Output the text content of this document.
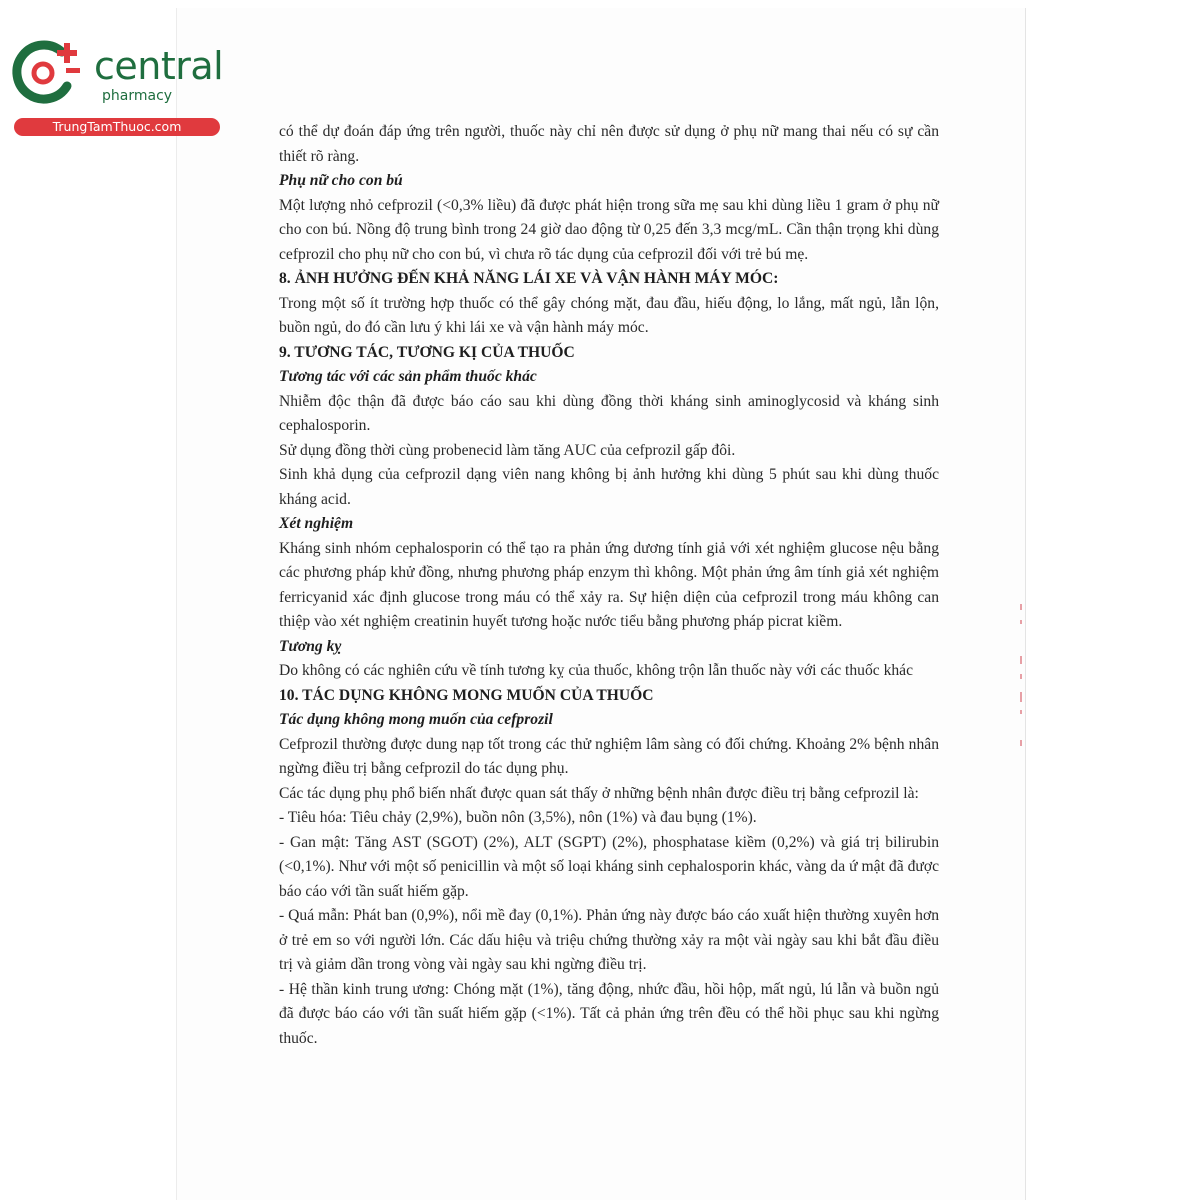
central
pharmacy
TrungTamThuoc.com	có thể dự đoán đáp ứng trên người, thuốc này chỉ nên được sử dụng ở phụ nữ mang thai nếu có sự cần thiết rõ ràng.

Phụ nữ cho con bú

Một lượng nhỏ cefprozil (<0,3% liều) đã được phát hiện trong sữa mẹ sau khi dùng liều 1 gram ở phụ nữ cho con bú. Nồng độ trung bình trong 24 giờ dao động từ 0,25 đến 3,3 mcg/mL. Cần thận trọng khi dùng cefprozil cho phụ nữ cho con bú, vì chưa rõ tác dụng của cefprozil đối với trẻ bú mẹ.

8. ẢNH HƯỞNG ĐẾN KHẢ NĂNG LÁI XE VÀ VẬN HÀNH MÁY MÓC:

Trong một số ít trường hợp thuốc có thể gây chóng mặt, đau đầu, hiếu động, lo lắng, mất ngủ, lẫn lộn, buồn ngủ, do đó cần lưu ý khi lái xe và vận hành máy móc.

9. TƯƠNG TÁC, TƯƠNG KỊ CỦA THUỐC
Tương tác với các sản phẩm thuốc khác

Nhiễm độc thận đã được báo cáo sau khi dùng đồng thời kháng sinh aminoglycosid và kháng sinh cephalosporin.

Sử dụng đồng thời cùng probenecid làm tăng AUC của cefprozil gấp đôi.

Sinh khả dụng của cefprozil dạng viên nang không bị ảnh hưởng khi dùng 5 phút sau khi dùng thuốc kháng acid.

Xét nghiệm

Kháng sinh nhóm cephalosporin có thể tạo ra phản ứng dương tính giả với xét nghiệm glucose nệu bằng các phương pháp khử đồng, nhưng phương pháp enzym thì không. Một phản ứng âm tính giả xét nghiệm ferricyanid xác định glucose trong máu có thể xảy ra. Sự hiện diện của cefprozil trong máu không can thiệp vào xét nghiệm creatinin huyết tương hoặc nước tiểu bằng phương pháp picrat kiềm.

Tương kỵ

Do không có các nghiên cứu về tính tương kỵ của thuốc, không trộn lẫn thuốc này với các thuốc khác

10. TÁC DỤNG KHÔNG MONG MUỐN CỦA THUỐC
Tác dụng không mong muốn của cefprozil

Cefprozil thường được dung nạp tốt trong các thử nghiệm lâm sàng có đối chứng. Khoảng 2% bệnh nhân ngừng điều trị bằng cefprozil do tác dụng phụ.

Các tác dụng phụ phổ biến nhất được quan sát thấy ở những bệnh nhân được điều trị bằng cefprozil là:

- Tiêu hóa: Tiêu chảy (2,9%), buồn nôn (3,5%), nôn (1%) và đau bụng (1%).

- Gan mật: Tăng AST (SGOT) (2%), ALT (SGPT) (2%), phosphatase kiềm (0,2%) và giá trị bilirubin (<0,1%). Như với một số penicillin và một số loại kháng sinh cephalosporin khác, vàng da ứ mật đã được báo cáo với tần suất hiếm gặp.

- Quá mẫn: Phát ban (0,9%), nổi mề đay (0,1%). Phản ứng này được báo cáo xuất hiện thường xuyên hơn ở trẻ em so với người lớn. Các dấu hiệu và triệu chứng thường xảy ra một vài ngày sau khi bắt đầu điều trị và giảm dần trong vòng vài ngày sau khi ngừng điều trị.

- Hệ thần kinh trung ương: Chóng mặt (1%), tăng động, nhức đầu, hồi hộp, mất ngủ, lú lẫn và buồn ngủ đã được báo cáo với tần suất hiếm gặp (<1%). Tất cả phản ứng trên đều có thể hồi phục sau khi ngừng thuốc.
